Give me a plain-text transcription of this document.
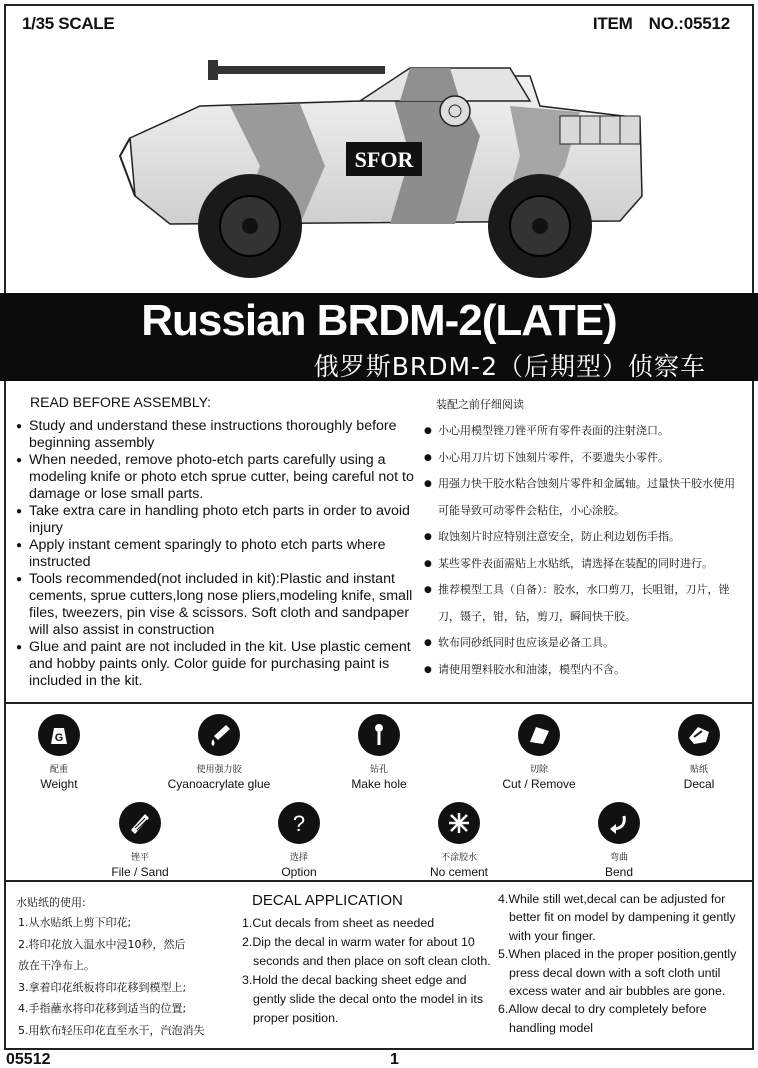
1/35 SCALE	ITEM NO.:05512
SFOR
Russian BRDM-2(LATE)
俄罗斯BRDM-2（后期型）侦察车
READ BEFORE ASSEMBLY:
● Study and understand these instructions thoroughly before beginning assembly
● When needed, remove photo-etch parts carefully using a modeling knife or photo etch sprue cutter, being careful not to damage or lose small parts.
● Take extra care in handling photo etch parts in order to avoid injury
● Apply instant cement sparingly to photo etch parts where instructed
● Tools recommended(not included in kit):Plastic and instant cements, sprue cutters,long nose pliers,modeling knife, small files, tweezers, pin vise & scissors. Soft cloth and sandpaper will also assist in construction
● Glue and paint are not included in the kit. Use plastic cement and hobby paints only. Color guide for purchasing paint is included in the kit.
装配之前仔细阅读
● 小心用模型锉刀锉平所有零件表面的注射浇口。
● 小心用刀片切下蚀刻片零件，不要遗失小零件。
● 用强力快干胶水粘合蚀刻片零件和金属轴。过量快干胶水使用可能导致可动零件会粘住，小心涂胶。
● 取蚀刻片时应特别注意安全，防止利边划伤手指。
● 某些零件表面需贴上水贴纸，请选择在装配的同时进行。
● 推荐模型工具（自备）：胶水，水口剪刀，长咀钳，刀片，锉刀，镊子，钳，钻，剪刀，瞬间快干胶。
● 软布同砂纸同时也应该是必备工具。
● 请使用塑料胶水和油漆，模型内不含。
G
配重
Weight
使用强力胶
Cyanoacrylate glue
钻孔
Make hole
切除
Cut / Remove
贴纸
Decal
锉平
File / Sand
?
选择
Option
不涂胶水
No cement
弯曲
Bend
水贴纸的使用:
1.从水贴纸上剪下印花;
2.将印花放入温水中浸10秒，然后
放在干净布上。
3.拿着印花纸板将印花移到模型上;
4.手指蘸水将印花移到适当的位置;
5.用软布轻压印花直至水干，汽泡消失
DECAL APPLICATION
1.Cut decals from sheet as needed
2.Dip the decal in warm water for about 10 seconds and then place on soft clean cloth.
3.Hold the decal backing sheet edge and gently slide the decal onto the model in its proper position.
4.While still wet,decal can be adjusted for better fit on model by dampening it gently with your finger.
5.When placed in the proper position,gently press decal down with a soft cloth until excess water and air bubbles are gone.
6.Allow decal to dry completely before handling model
05512	1
